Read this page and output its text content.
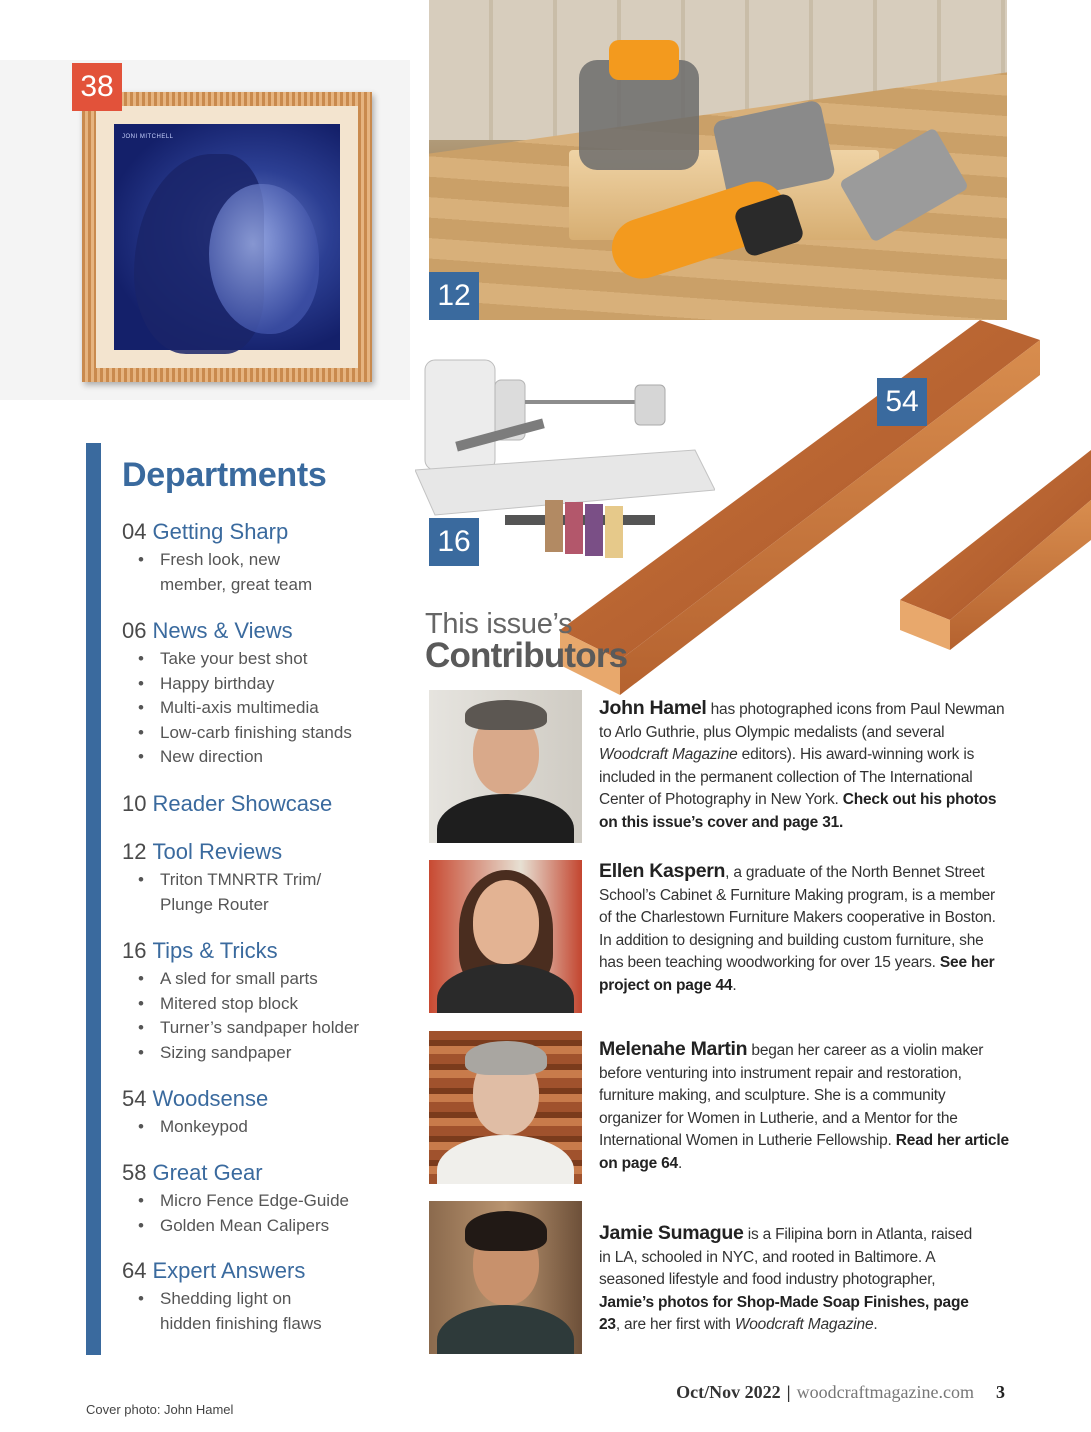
JONI MITCHELL
38
12
54
16
Departments
04 Getting Sharp
• Fresh look, new
member, great team
06 News & Views
• Take your best shot
• Happy birthday
• Multi-axis multimedia
• Low-carb finishing stands
• New direction
10 Reader Showcase
12 Tool Reviews
• Triton TMNRTR Trim/
Plunge Router
16 Tips & Tricks
• A sled for small parts
• Mitered stop block
• Turner’s sandpaper holder
• Sizing sandpaper
54 Woodsense
• Monkeypod
58 Great Gear
• Micro Fence Edge-Guide
• Golden Mean Calipers
64 Expert Answers
• Shedding light on
hidden finishing flaws
This issue’s
Contributors

John Hamel has photographed icons from Paul Newman to Arlo Guthrie, plus Olympic medalists (and several Woodcraft Magazine editors). His award-winning work is included in the permanent collection of The International Center of Photography in New York. Check out his photos on this issue’s cover and page 31.

Ellen Kaspern, a graduate of the North Bennet Street School’s Cabinet & Furniture Making program, is a member of the Charlestown Furniture Makers cooperative in Boston. In addition to designing and building custom furniture, she has been teaching woodworking for over 15 years. See her project on page 44.

Melenahe Martin began her career as a violin maker before venturing into instrument repair and restoration, furniture making, and sculpture. She is a community organizer for Women in Lutherie, and a Mentor for the International Women in Lutherie Fellowship. Read her article on page 64.

Jamie Sumague is a Filipina born in Atlanta, raised in LA, schooled in NYC, and rooted in Baltimore. A seasoned lifestyle and food industry photographer, Jamie’s photos for Shop-Made Soap Finishes, page 23, are her first with Woodcraft Magazine.

Cover photo: John Hamel
Oct/Nov 2022 | woodcraftmagazine.com 3
